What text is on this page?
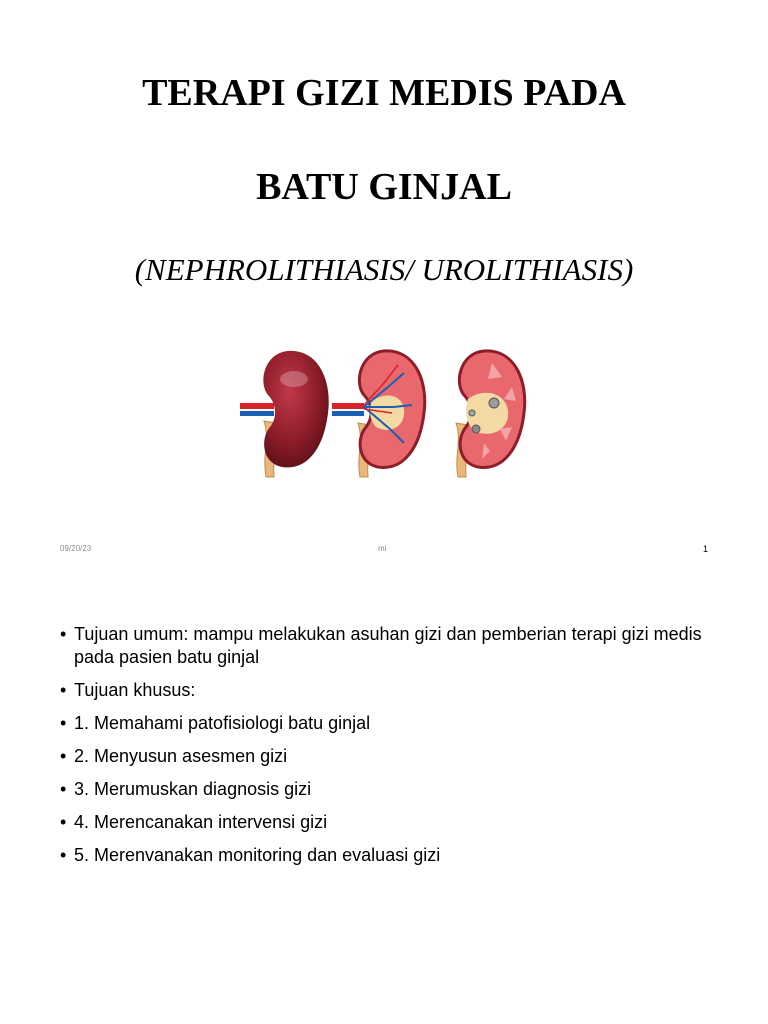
TERAPI GIZI MEDIS PADA
BATU GINJAL
(NEPHROLITHIASIS/ UROLITHIASIS)
09/20/23	mi	1
• Tujuan umum: mampu melakukan asuhan gizi dan pemberian terapi gizi medis pada pasien batu ginjal
• Tujuan khusus:
• 1. Memahami patofisiologi batu ginjal
• 2. Menyusun asesmen gizi
• 3. Merumuskan diagnosis gizi
• 4. Merencanakan intervensi gizi
• 5. Merenvanakan monitoring dan evaluasi gizi
